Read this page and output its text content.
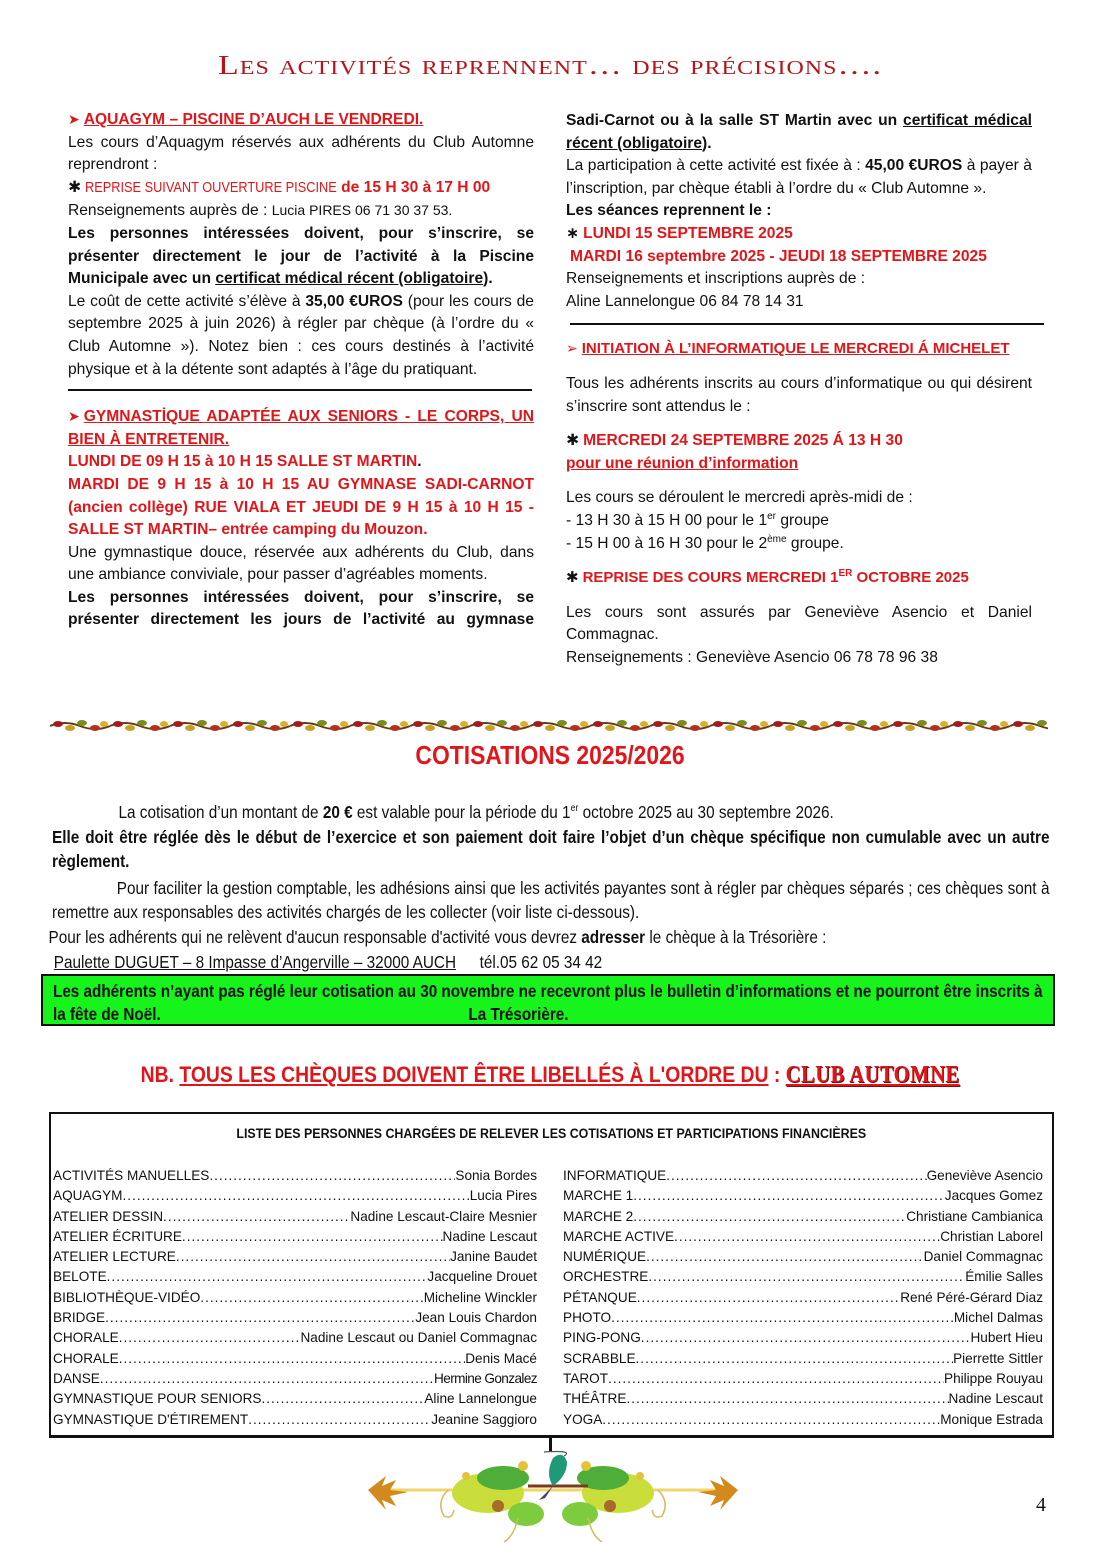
Les activités reprennent… des précisions….

➤ AQUAGYM – PISCINE D’AUCH LE VENDREDI.

Les cours d’Aquagym réservés aux adhérents du Club Automne reprendront :

✱ REPRISE SUIVANT OUVERTURE PISCINE de 15 H 30 à 17 H 00

Renseignements auprès de : Lucia PIRES 06 71 30 37 53.

Les personnes intéressées doivent, pour s’inscrire, se présenter directement le jour de l’activité à la Piscine Municipale avec un certificat médical récent (obligatoire).

Le coût de cette activité s’élève à 35,00 €UROS (pour les cours de septembre 2025 à juin 2026) à régler par chèque (à l’ordre du « Club Automne »). Notez bien : ces cours destinés à l’activité physique et à la détente sont adaptés à l’âge du pratiquant.

➤ GYMNASTİQUE ADAPTÉE AUX SENIORS - LE CORPS, UN BIEN À ENTRETENIR.

LUNDI DE 09 H 15 à 10 H 15 SALLE ST MARTIN.

MARDI DE 9 H 15 à 10 H 15 AU GYMNASE SADI-CARNOT (ancien collège) RUE VIALA ET JEUDI DE 9 H 15 à 10 H 15 - SALLE ST MARTIN– entrée camping du Mouzon.

Une gymnastique douce, réservée aux adhérents du Club, dans une ambiance conviviale, pour passer d’agréables moments.

Les personnes intéressées doivent, pour s’inscrire, se présenter directement les jours de l’activité au gymnase

Sadi-Carnot ou à la salle ST Martin avec un certificat médical récent (obligatoire).

La participation à cette activité est fixée à : 45,00 €UROS à payer à l’inscription, par chèque établi à l’ordre du « Club Automne ».

Les séances reprennent le :

∗ LUNDI 15 SEPTEMBRE 2025

MARDI 16 septembre 2025 - JEUDI 18 SEPTEMBRE 2025

Renseignements et inscriptions auprès de :

Aline Lannelongue 06 84 78 14 31

➢ INITIATION À L’INFORMATIQUE LE MERCREDI Á MICHELET

Tous les adhérents inscrits au cours d’informatique ou qui désirent s’inscrire sont attendus le :

✱ MERCREDI 24 SEPTEMBRE 2025 Á 13 H 30

pour une réunion d’information

Les cours se déroulent le mercredi après-midi de :

- 13 H 30 à 15 H 00 pour le 1er groupe

- 15 H 00 à 16 H 30 pour le 2ème groupe.

✱ REPRISE DES COURS MERCREDI 1ER OCTOBRE 2025

Les cours sont assurés par Geneviève Asencio et Daniel Commagnac.

Renseignements : Geneviève Asencio 06 78 78 96 38

COTISATIONS 2025/2026

La cotisation d’un montant de 20 € est valable pour la période du 1er octobre 2025 au 30 septembre 2026.

Elle doit être réglée dès le début de l’exercice et son paiement doit faire l’objet d’un chèque spécifique non cumulable avec un autre règlement.

Pour faciliter la gestion comptable, les adhésions ainsi que les activités payantes sont à régler par chèques séparés ; ces chèques sont à remettre aux responsables des activités chargés de les collecter (voir liste ci-dessous).

Pour les adhérents qui ne relèvent d'aucun responsable d'activité vous devrez adresser le chèque à la Trésorière :

Paulette DUGUET – 8 Impasse d’Angerville – 32000 AUCH tél.05 62 05 34 42

Les adhérents n’ayant pas réglé leur cotisation au 30 novembre ne recevront plus le bulletin d’informations et ne pourront être inscrits à la fête de Noël.	La Trésorière.
NB. TOUS LES CHÈQUES DOIVENT ÊTRE LIBELLÉS À L'ORDRE DU : CLUB AUTOMNE
LISTE DES PERSONNES CHARGÉES DE RELEVER LES COTISATIONS ET PARTICIPATIONS FINANCIÈRES
ACTIVITÉS MANUELLES .....	Sonia Bordes
AQUAGYM .....	Lucia Pires
ATELIER DESSIN .....	Nadine Lescaut-Claire Mesnier
ATELIER ÉCRITURE .....	Nadine Lescaut
ATELIER LECTURE .....	Janine Baudet
BELOTE .....	Jacqueline Drouet
BIBLIOTHÈQUE-VIDÉO .....	Micheline Winckler
BRIDGE .....	Jean Louis Chardon
CHORALE .....	Nadine Lescaut ou Daniel Commagnac
CHORALE .....	Denis Macé
DANSE .....	Hermine Gonzalez
GYMNASTIQUE POUR SENIORS .....	Aline Lannelongue
GYMNASTIQUE D'ÉTIREMENT .....	Jeanine Saggioro
INFORMATIQUE .....	Geneviève Asencio
MARCHE 1 .....	Jacques Gomez
MARCHE 2 .....	Christiane Cambianica
MARCHE ACTIVE .....	Christian Laborel
NUMÉRIQUE .....	Daniel Commagnac
ORCHESTRE .....	Émilie Salles
PÉTANQUE .....	René Péré-Gérard Diaz
PHOTO .....	Michel Dalmas
PING-PONG .....	Hubert Hieu
SCRABBLE .....	Pierrette Sittler
TAROT .....	Philippe Rouyau
THÉÂTRE .....	Nadine Lescaut
YOGA .....	Monique Estrada
4
